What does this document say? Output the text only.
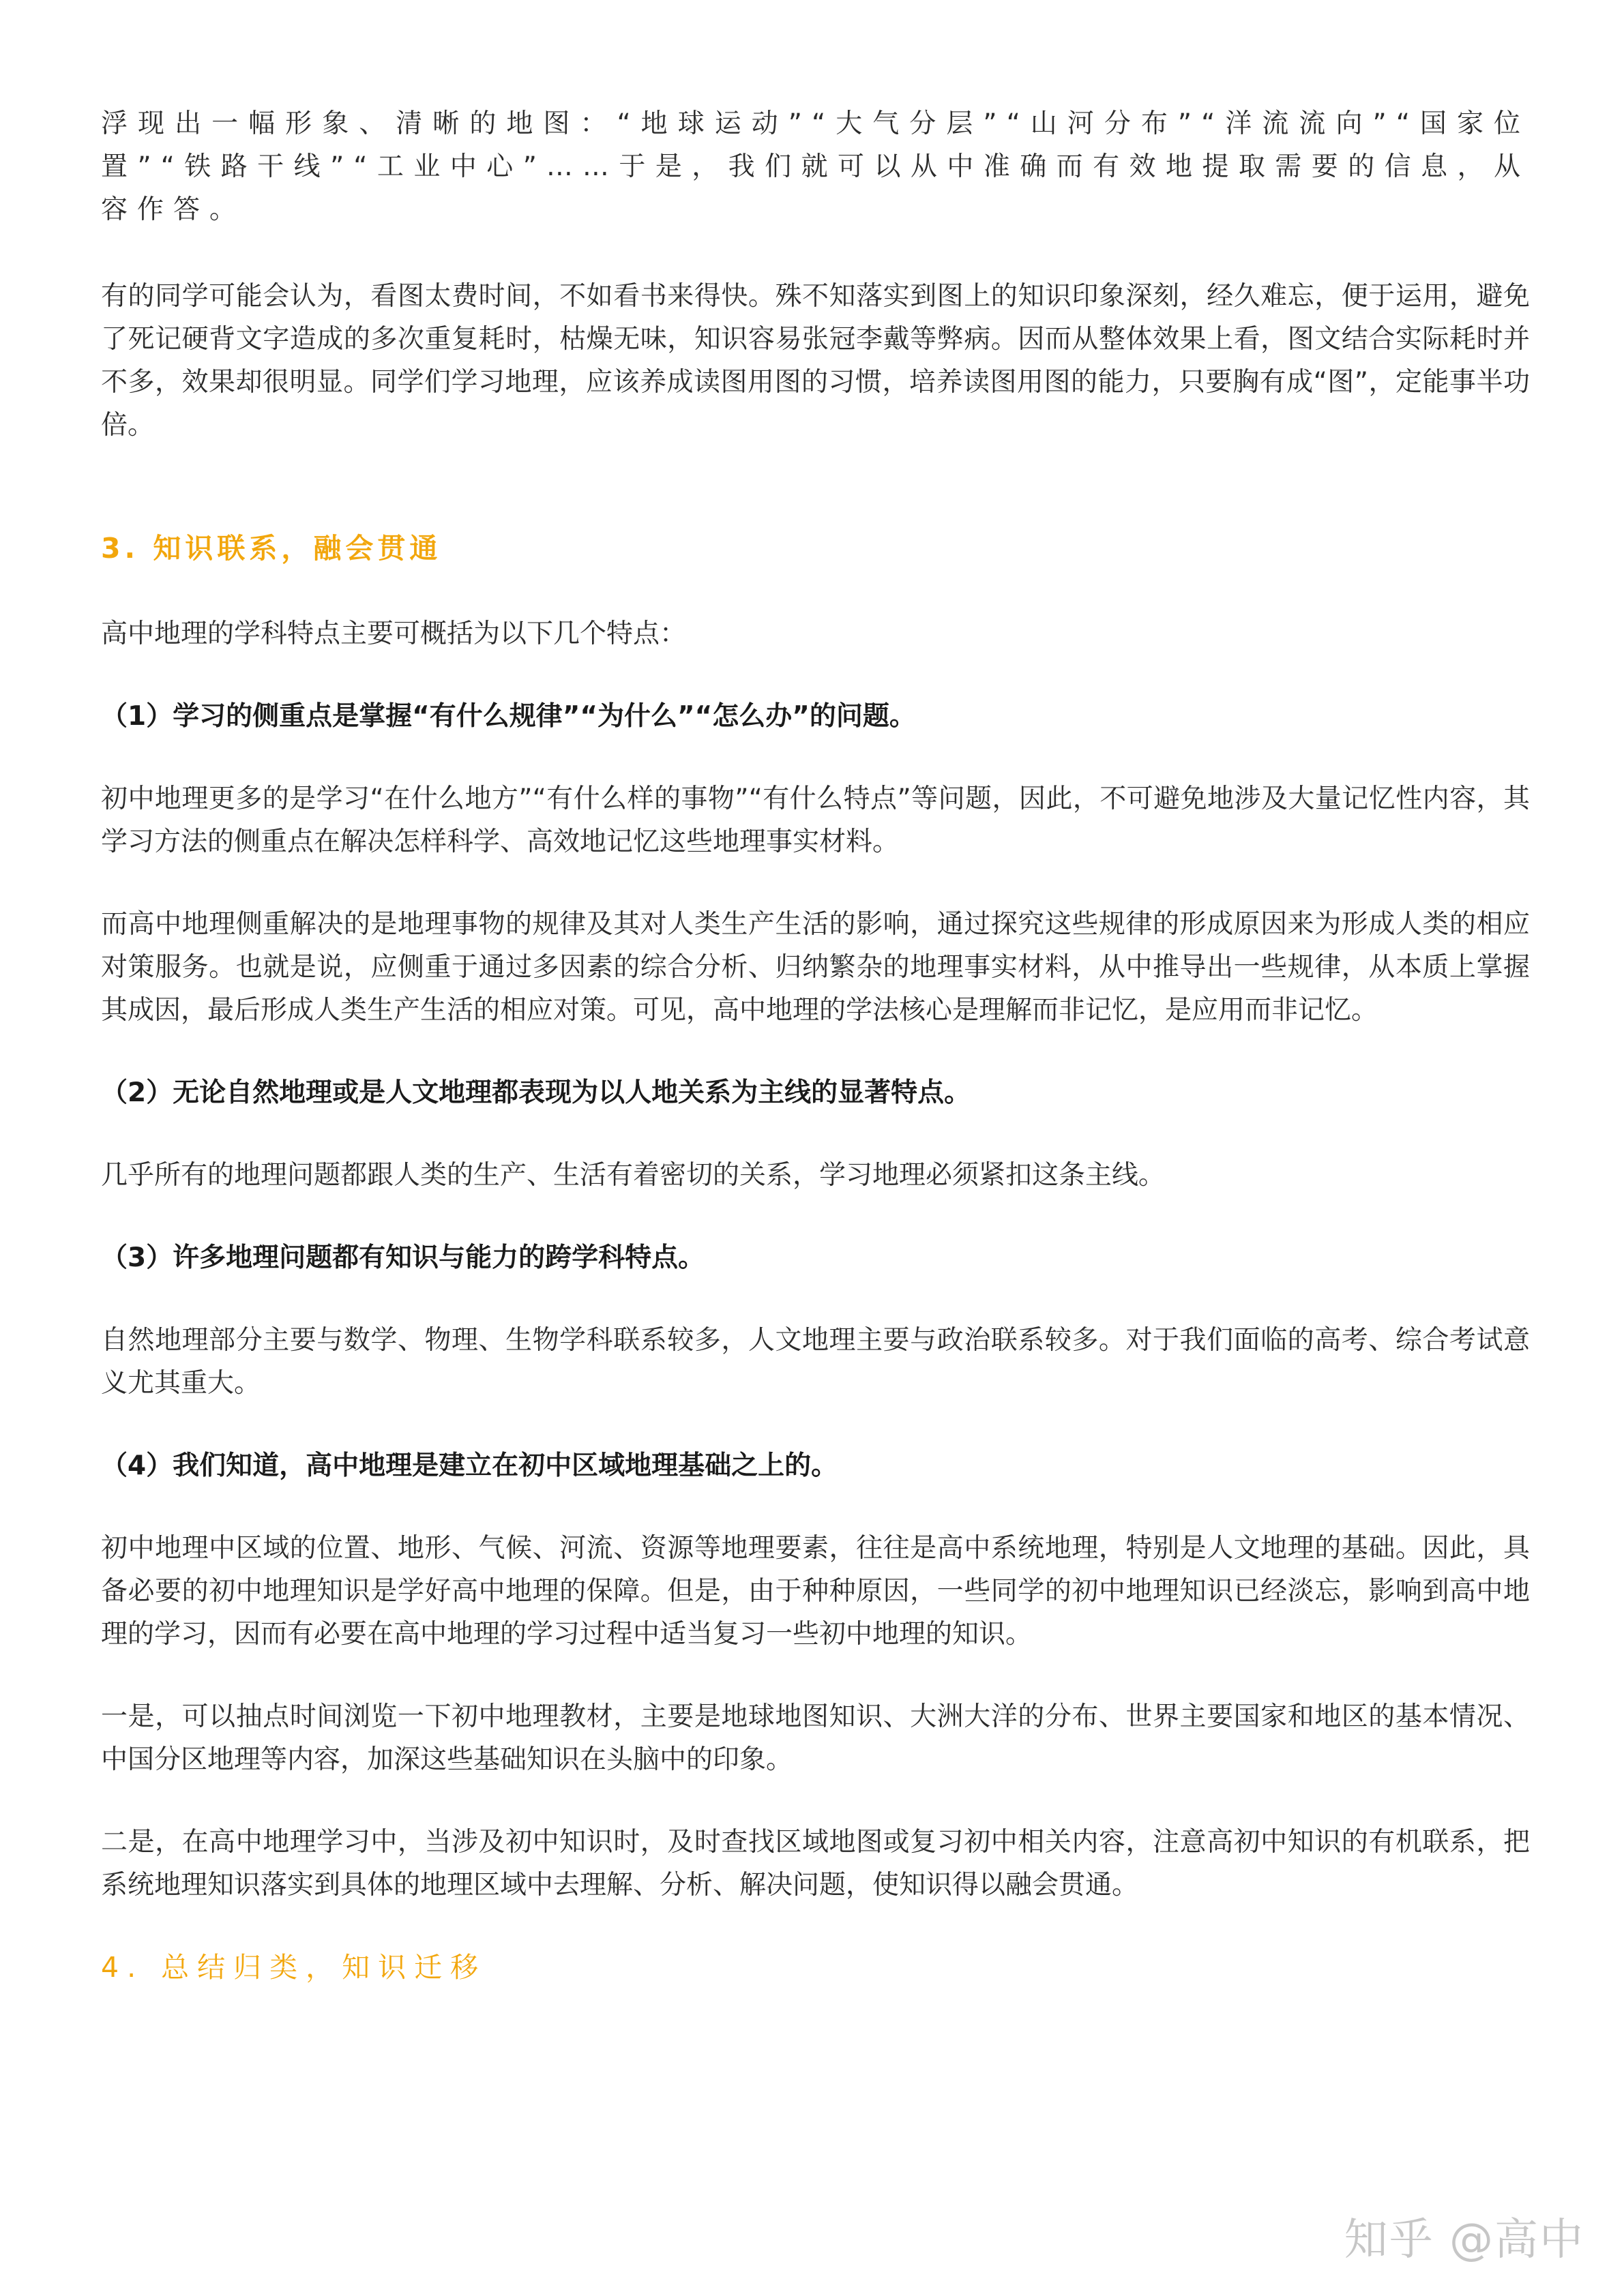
浮现出一幅形象、清晰的地图：“地球运动”“大气分层”“山河分布”“洋流流向”“国家位置”“铁路干线”“工业中心”……于是，我们就可以从中准确而有效地提取需要的信息，从容作答。

有的同学可能会认为，看图太费时间，不如看书来得快。殊不知落实到图上的知识印象深刻，经久难忘，便于运用，避免了死记硬背文字造成的多次重复耗时，枯燥无味，知识容易张冠李戴等弊病。因而从整体效果上看，图文结合实际耗时并不多，效果却很明显。同学们学习地理，应该养成读图用图的习惯，培养读图用图的能力，只要胸有成“图”，定能事半功倍。

3. 知识联系，融会贯通

高中地理的学科特点主要可概括为以下几个特点：

（1）学习的侧重点是掌握“有什么规律”“为什么”“怎么办”的问题。

初中地理更多的是学习“在什么地方”“有什么样的事物”“有什么特点”等问题，因此，不可避免地涉及大量记忆性内容，其学习方法的侧重点在解决怎样科学、高效地记忆这些地理事实材料。

而高中地理侧重解决的是地理事物的规律及其对人类生产生活的影响，通过探究这些规律的形成原因来为形成人类的相应对策服务。也就是说，应侧重于通过多因素的综合分析、归纳繁杂的地理事实材料，从中推导出一些规律，从本质上掌握其成因，最后形成人类生产生活的相应对策。可见，高中地理的学法核心是理解而非记忆，是应用而非记忆。

（2）无论自然地理或是人文地理都表现为以人地关系为主线的显著特点。

几乎所有的地理问题都跟人类的生产、生活有着密切的关系，学习地理必须紧扣这条主线。

（3）许多地理问题都有知识与能力的跨学科特点。

自然地理部分主要与数学、物理、生物学科联系较多，人文地理主要与政治联系较多。对于我们面临的高考、综合考试意义尤其重大。

（4）我们知道，高中地理是建立在初中区域地理基础之上的。

初中地理中区域的位置、地形、气候、河流、资源等地理要素，往往是高中系统地理，特别是人文地理的基础。因此，具备必要的初中地理知识是学好高中地理的保障。但是，由于种种原因，一些同学的初中地理知识已经淡忘，影响到高中地理的学习，因而有必要在高中地理的学习过程中适当复习一些初中地理的知识。

一是，可以抽点时间浏览一下初中地理教材，主要是地球地图知识、大洲大洋的分布、世界主要国家和地区的基本情况、中国分区地理等内容，加深这些基础知识在头脑中的印象。

二是，在高中地理学习中，当涉及初中知识时，及时查找区域地图或复习初中相关内容，注意高初中知识的有机联系，把系统地理知识落实到具体的地理区域中去理解、分析、解决问题，使知识得以融会贯通。

4. 总结归类，知识迁移
知乎 @高中
